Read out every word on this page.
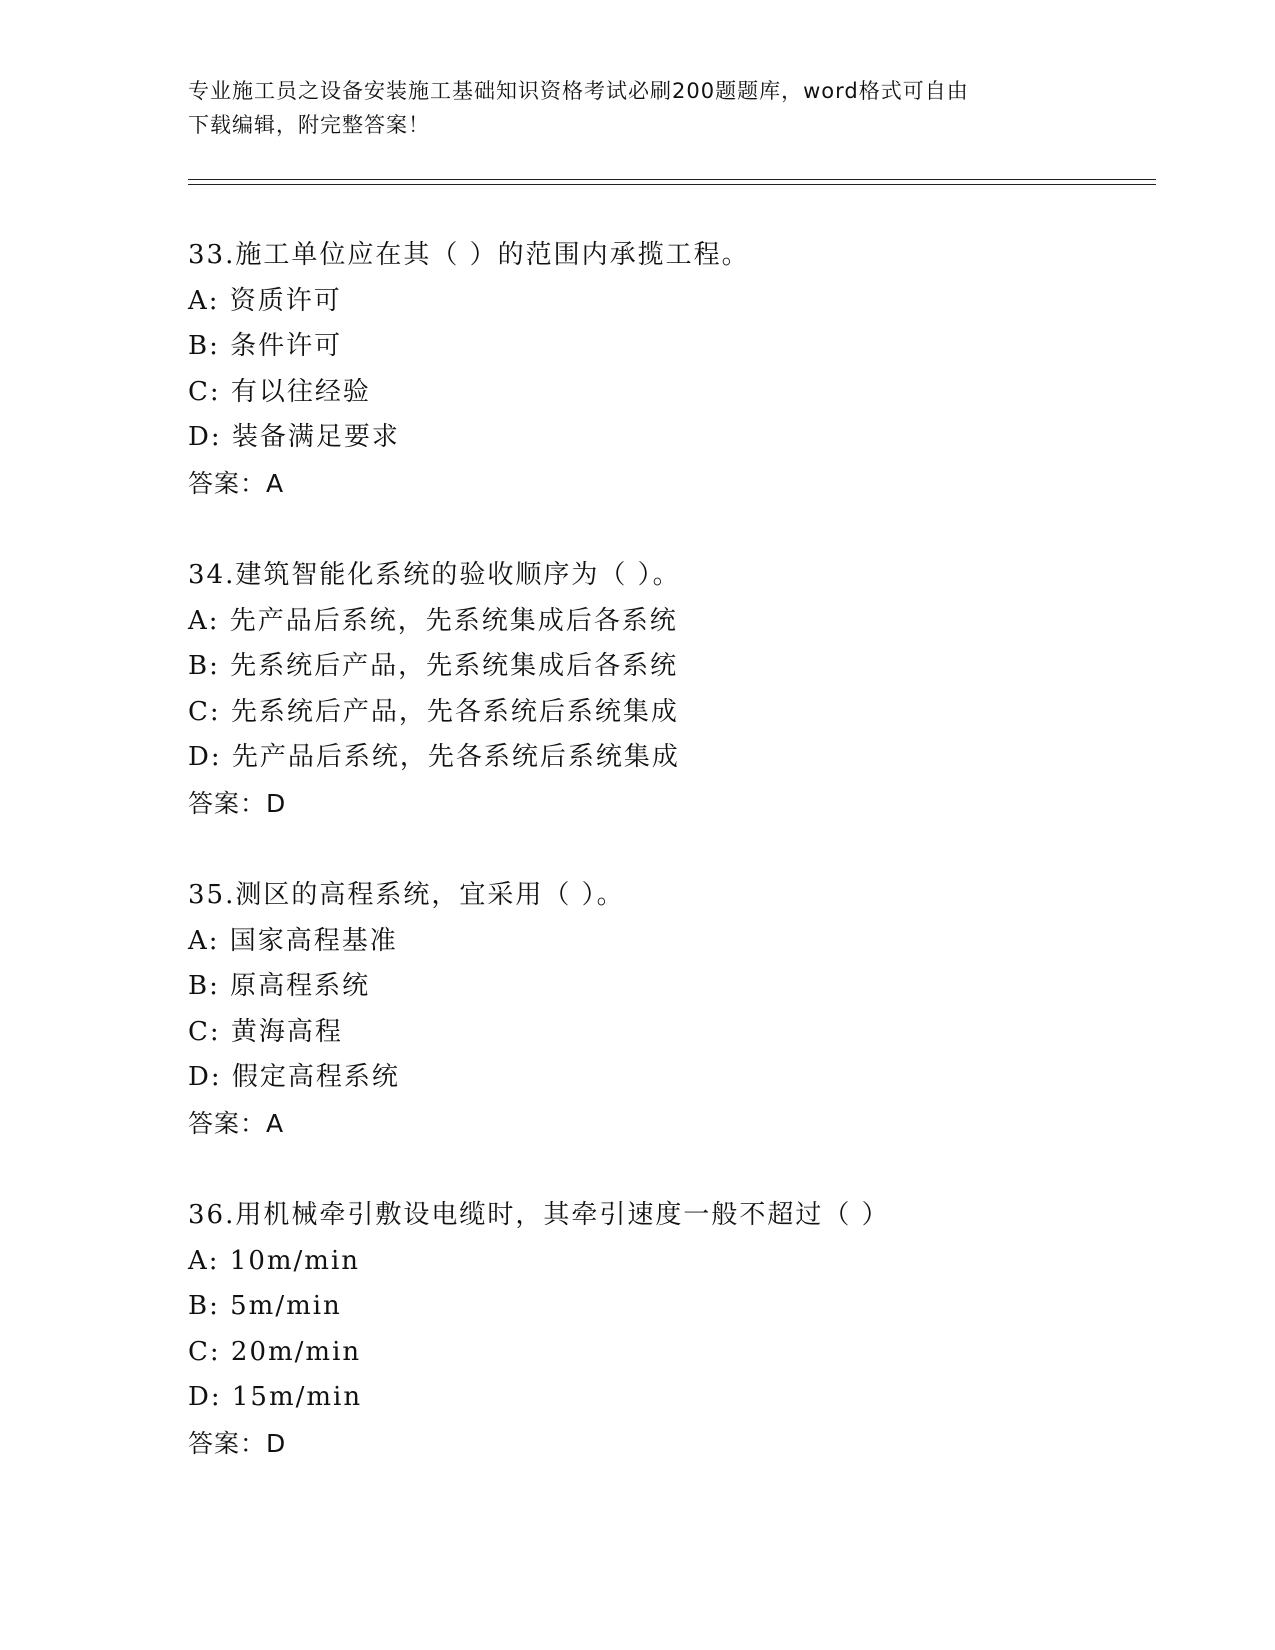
专业施工员之设备安装施工基础知识资格考试必刷200题题库，word格式可自由
下载编辑，附完整答案！
33.施工单位应在其（ ）的范围内承揽工程。
A: 资质许可
B: 条件许可
C: 有以往经验
D: 装备满足要求
答案：A
34.建筑智能化系统的验收顺序为（ ）。
A: 先产品后系统，先系统集成后各系统
B: 先系统后产品，先系统集成后各系统
C: 先系统后产品，先各系统后系统集成
D: 先产品后系统，先各系统后系统集成
答案：D
35.测区的高程系统，宜采用（ ）。
A: 国家高程基准
B: 原高程系统
C: 黄海高程
D: 假定高程系统
答案：A
36.用机械牵引敷设电缆时，其牵引速度一般不超过（ ）
A: 10m/min
B: 5m/min
C: 20m/min
D: 15m/min
答案：D
